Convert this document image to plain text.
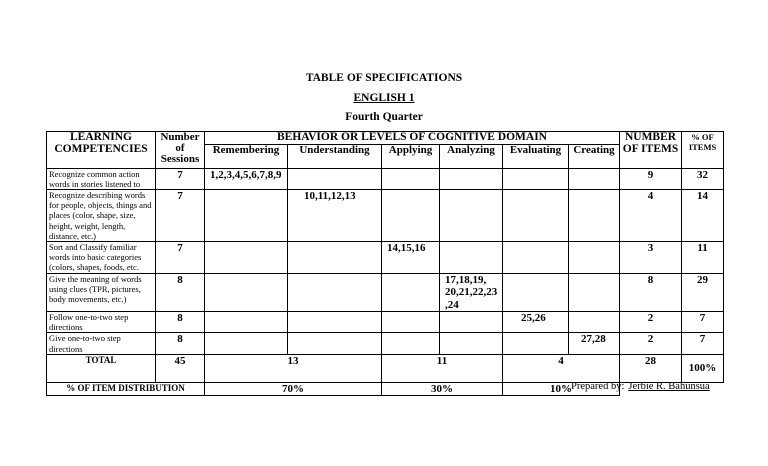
TABLE OF SPECIFICATIONS
ENGLISH 1
Fourth Quarter
LEARNING COMPETENCIES	Number of Sessions	BEHAVIOR OR LEVELS OF COGNITIVE DOMAIN						NUMBER OF ITEMS	% OF ITEMS
		Remembering	Understanding	Applying	Analyzing	Evaluating	Creating		
Recognize common action words in stories listened to	7	1,2,3,4,5,6,7,8,9						9	32
Recognize describing words for people, objects, things and places (color, shape, size, height, weight, length, distance, etc.)	7		10,11,12,13					4	14
Sort and Classify familiar words into basic categories (colors, shapes, foods, etc.	7			14,15,16				3	11
Give the meaning of words using clues (TPR, pictures, body movements, etc.)	8				17,18,19, 20,21,22,23 ,24			8	29
Follow one-to-two step directions	8					25,26		2	7
Give one-to-two step directions	8						27,28	2	7
TOTAL	45	13		11		4		28	100%
% OF ITEM DISTRIBUTION		70%		30%		10%			Prepared by: Jerbie R. Bahunsua
